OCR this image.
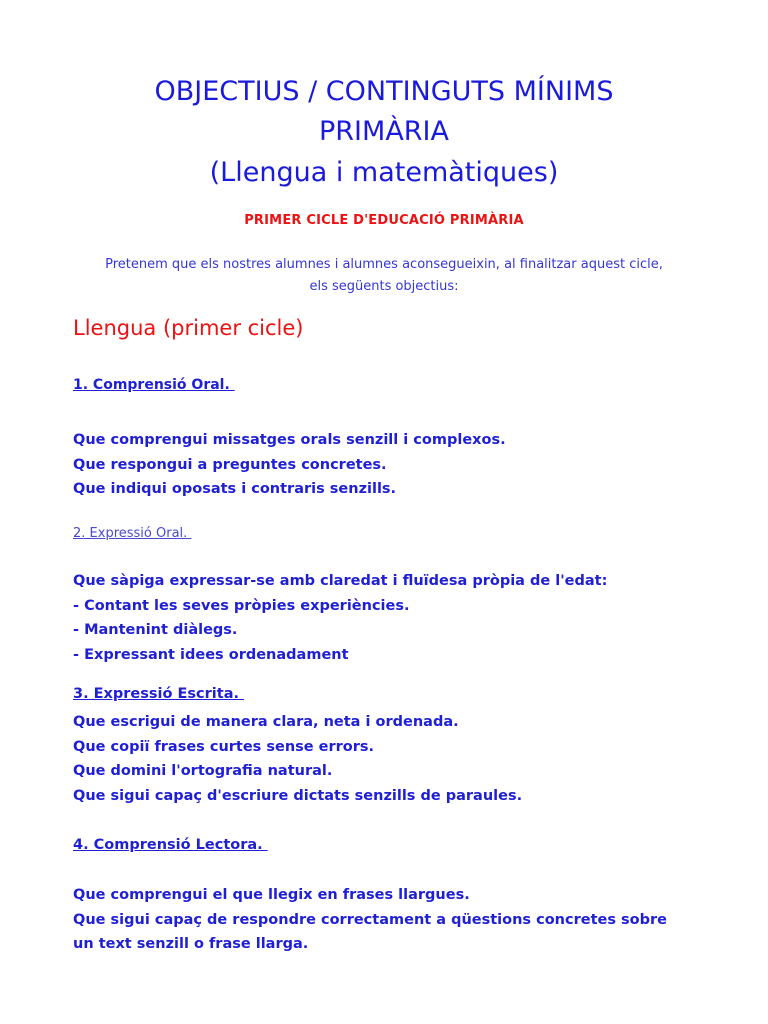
OBJECTIUS / CONTINGUTS MÍNIMS
PRIMÀRIA
(Llengua i matemàtiques)
PRIMER CICLE D'EDUCACIÓ PRIMÀRIA

Pretenem que els nostres alumnes i alumnes aconsegueixin, al finalitzar aquest cicle,
els següents objectius:

Llengua (primer cicle)
1. Comprensió Oral.
Que comprengui missatges orals senzill i complexos.
Que respongui a preguntes concretes.
Que indiqui oposats i contraris senzills.
2. Expressió Oral.
Que sàpiga expressar-se amb claredat i fluïdesa pròpia de l'edat:
- Contant les seves pròpies experiències.
- Mantenint diàlegs.
- Expressant idees ordenadament
3. Expressió Escrita.
Que escrigui de manera clara, neta i ordenada.
Que copiï frases curtes sense errors.
Que domini l'ortografia natural.
Que sigui capaç d'escriure dictats senzills de paraules.
4. Comprensió Lectora.
Que comprengui el que llegix en frases llargues.
Que sigui capaç de respondre correctament a qüestions concretes sobre
un text senzill o frase llarga.
